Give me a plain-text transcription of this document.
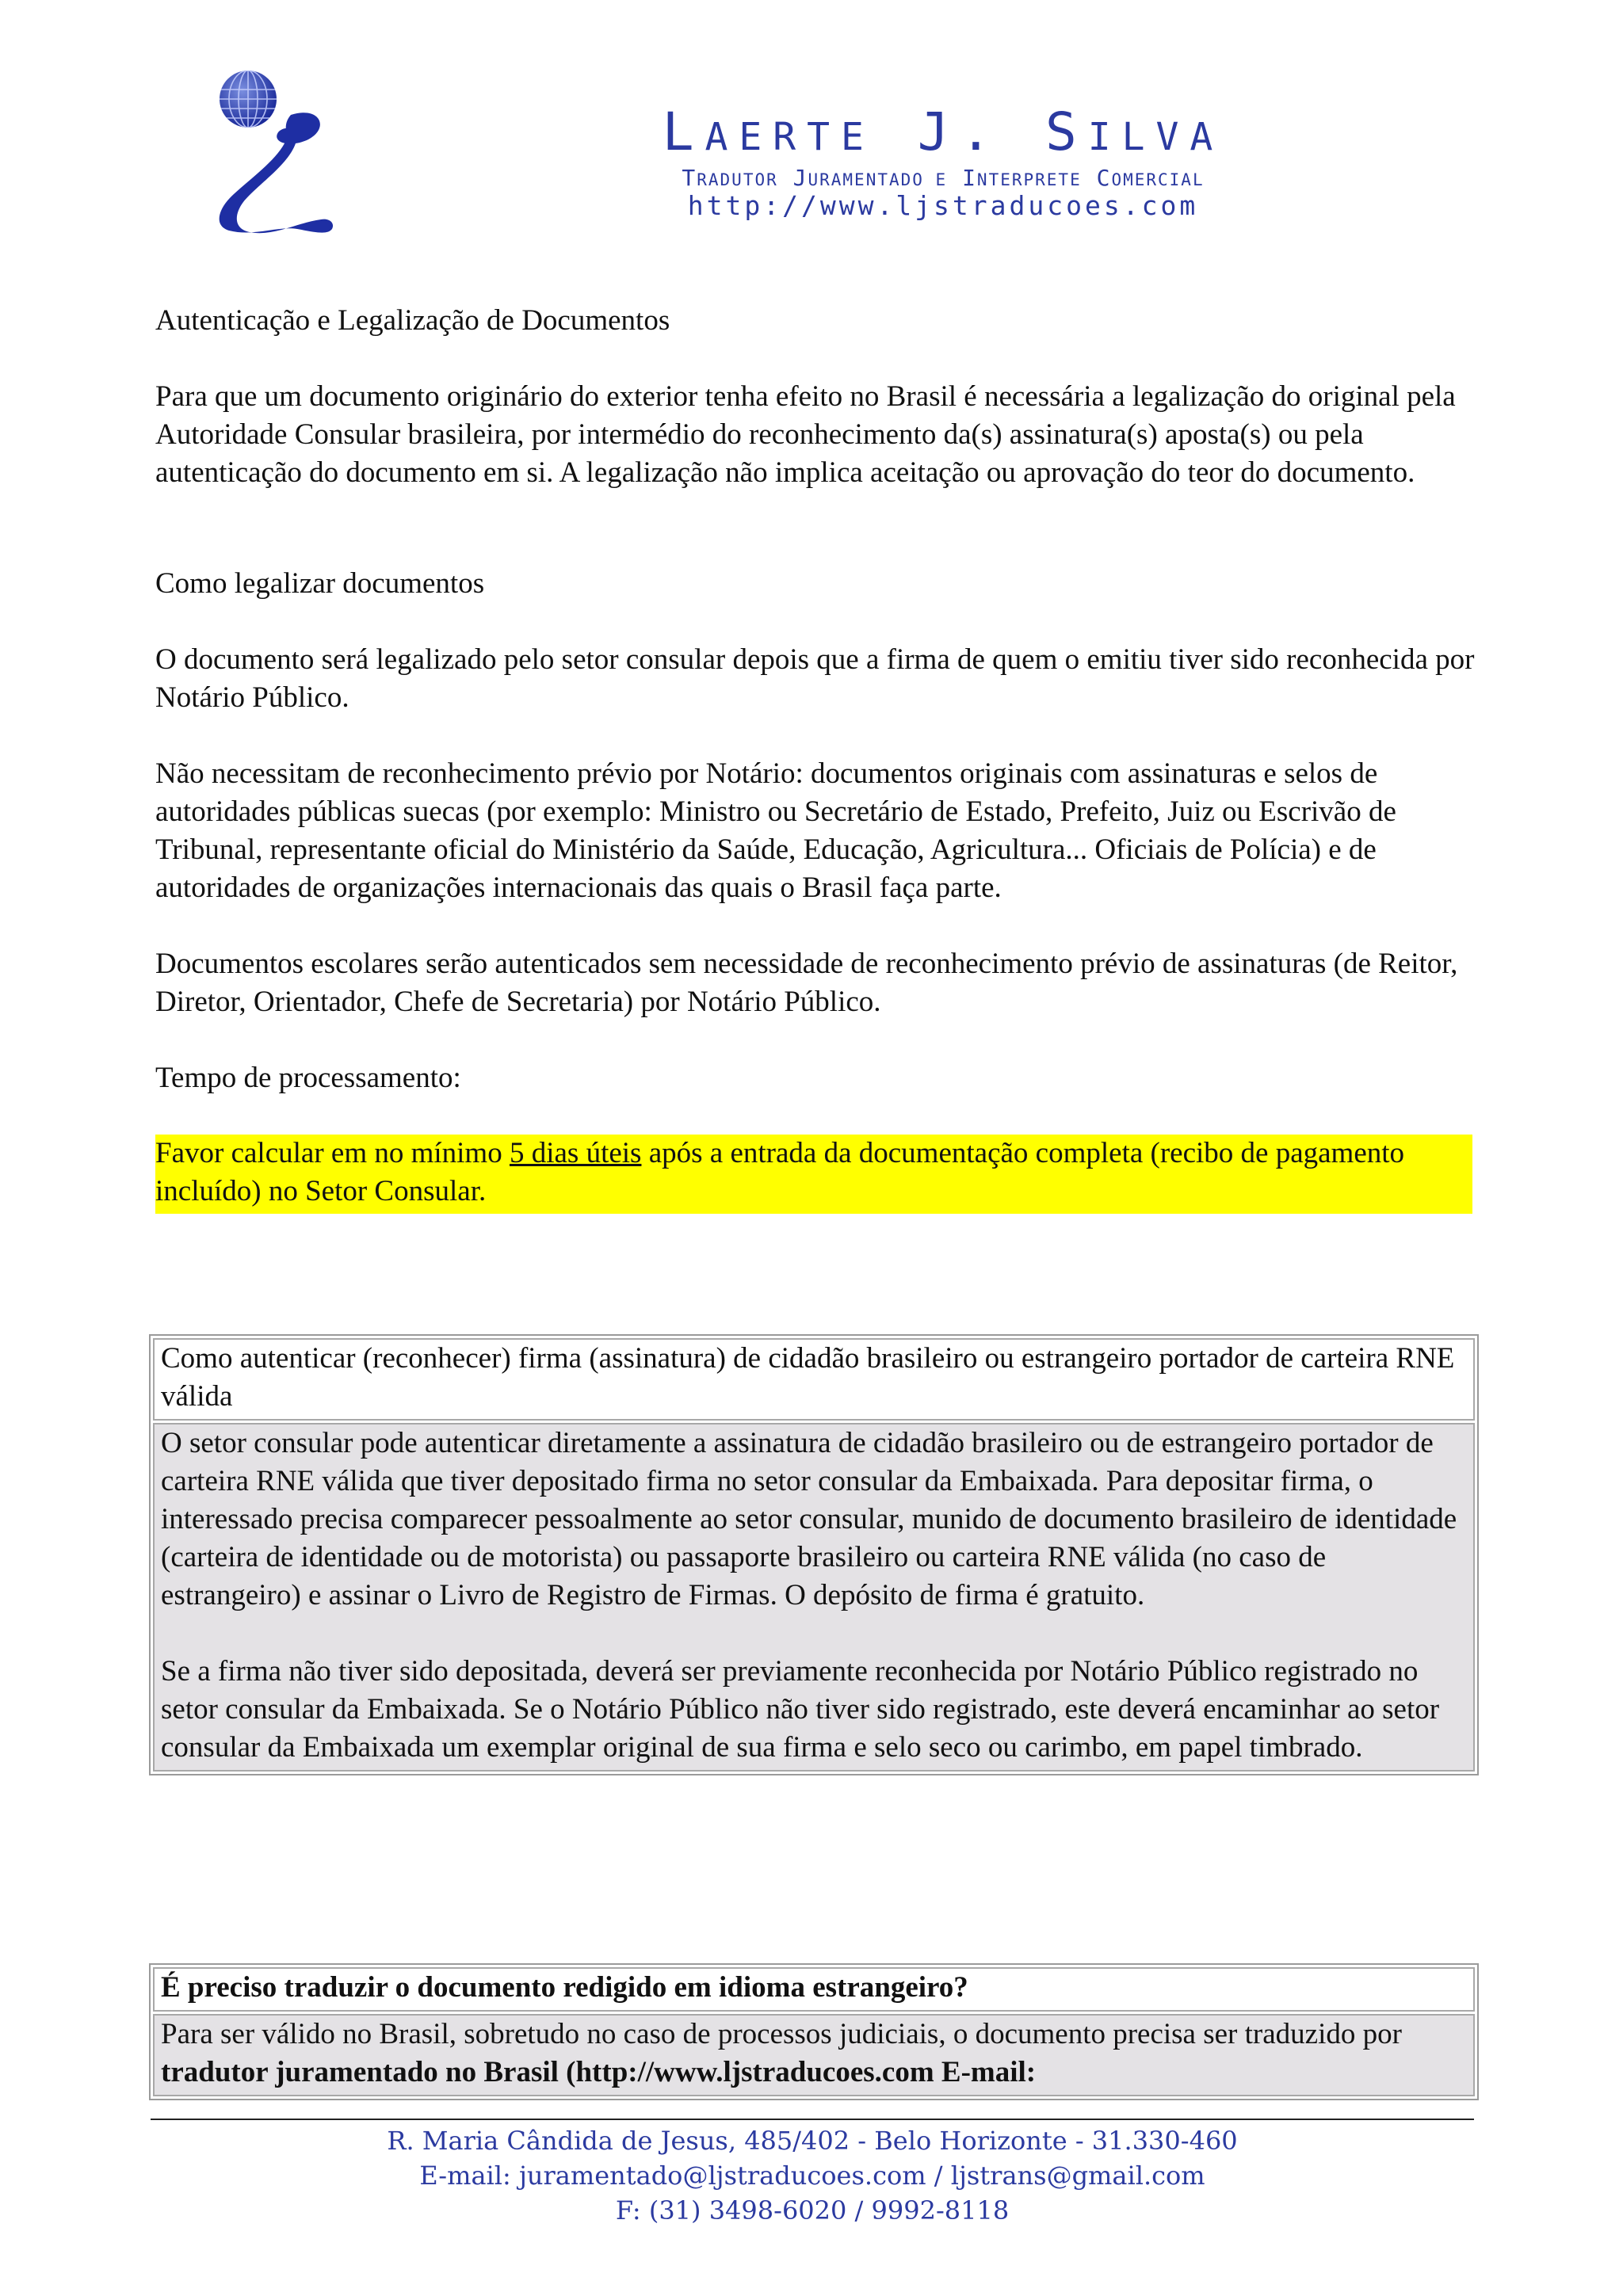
LAERTE J. SILVA
TRADUTOR JURAMENTADO E INTERPRETE COMERCIAL
http://www.ljstraducoes.com

Autenticação e Legalização de Documentos

Para que um documento originário do exterior tenha efeito no Brasil é necessária a legalização do original pela Autoridade Consular brasileira, por intermédio do reconhecimento da(s) assinatura(s) aposta(s) ou pela autenticação do documento em si. A legalização não implica aceitação ou aprovação do teor do documento.

Como legalizar documentos

O documento será legalizado pelo setor consular depois que a firma de quem o emitiu tiver sido reconhecida por Notário Público.

Não necessitam de reconhecimento prévio por Notário: documentos originais com assinaturas e selos de autoridades públicas suecas (por exemplo: Ministro ou Secretário de Estado, Prefeito, Juiz ou Escrivão de Tribunal, representante oficial do Ministério da Saúde, Educação, Agricultura... Oficiais de Polícia) e de autoridades de organizações internacionais das quais o Brasil faça parte.

Documentos escolares serão autenticados sem necessidade de reconhecimento prévio de assinaturas (de Reitor, Diretor, Orientador, Chefe de Secretaria) por Notário Público.

Tempo de processamento:

Favor calcular em no mínimo 5 dias úteis após a entrada da documentação completa (recibo de pagamento incluído) no Setor Consular.

Como autenticar (reconhecer) firma (assinatura) de cidadão brasileiro ou estrangeiro portador de carteira RNE válida

O setor consular pode autenticar diretamente a assinatura de cidadão brasileiro ou de estrangeiro portador de carteira RNE válida que tiver depositado firma no setor consular da Embaixada. Para depositar firma, o interessado precisa comparecer pessoalmente ao setor consular, munido de documento brasileiro de identidade (carteira de identidade ou de motorista) ou passaporte brasileiro ou carteira RNE válida (no caso de estrangeiro) e assinar o Livro de Registro de Firmas. O depósito de firma é gratuito.

Se a firma não tiver sido depositada, deverá ser previamente reconhecida por Notário Público registrado no setor consular da Embaixada. Se o Notário Público não tiver sido registrado, este deverá encaminhar ao setor consular da Embaixada um exemplar original de sua firma e selo seco ou carimbo, em papel timbrado.

É preciso traduzir o documento redigido em idioma estrangeiro?
Para ser válido no Brasil, sobretudo no caso de processos judiciais, o documento precisa ser traduzido por tradutor juramentado no Brasil (http://www.ljstraducoes.com E-mail:
R. Maria Cândida de Jesus, 485/402 - Belo Horizonte - 31.330-460
E-mail: juramentado@ljstraducoes.com / ljstrans@gmail.com
F: (31) 3498-6020 / 9992-8118
